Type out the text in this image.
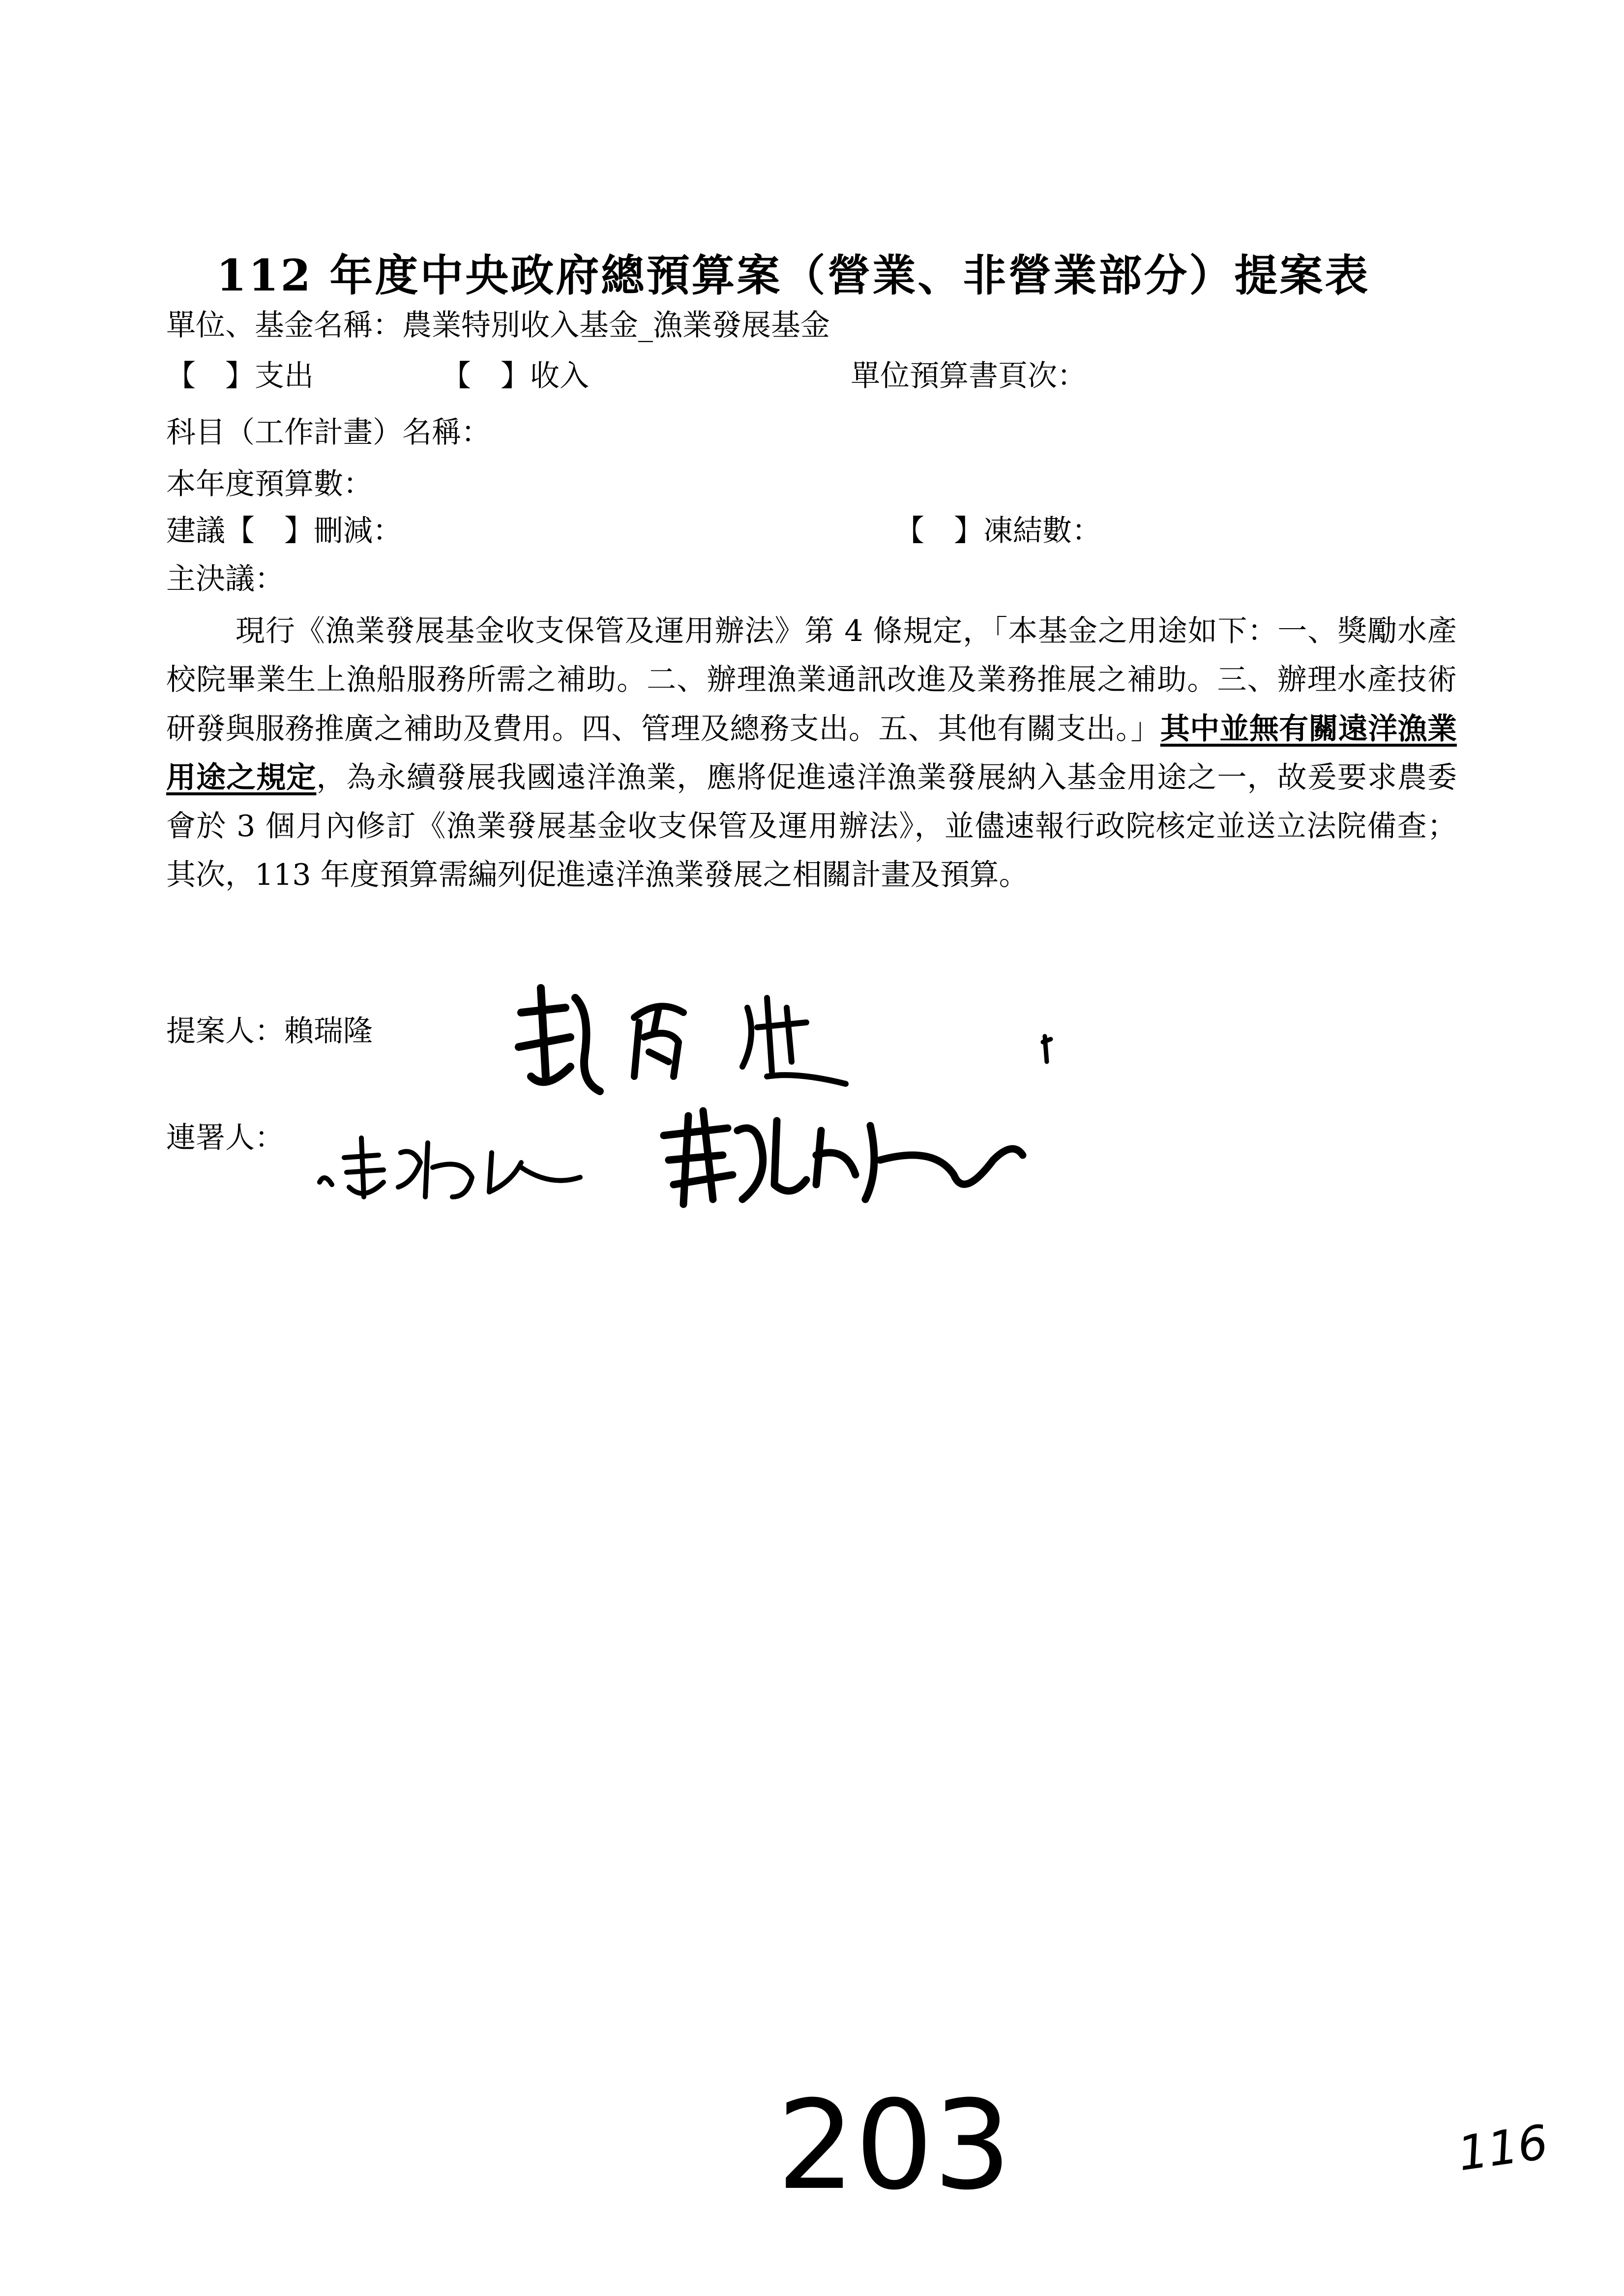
112 年度中央政府總預算案（營業、非營業部分）提案表
單位、基金名稱：農業特別收入基金_漁業發展基金
【　】支出	【　】收入	單位預算書頁次：
科目（工作計畫）名稱：
本年度預算數：
建議【　】刪減：	【　】凍結數：
主決議：
現行《漁業發展基金收支保管及運用辦法》第 4 條規定，「本基金之用途如下：一、獎勵水產校院畢業生上漁船服務所需之補助。二、辦理漁業通訊改進及業務推展之補助。三、辦理水產技術研發與服務推廣之補助及費用。四、管理及總務支出。五、其他有關支出。」其中並無有關遠洋漁業用途之規定，為永續發展我國遠洋漁業，應將促進遠洋漁業發展納入基金用途之一，故爰要求農委會於 3 個月內修訂《漁業發展基金收支保管及運用辦法》，並儘速報行政院核定並送立法院備查；其次，113 年度預算需編列促進遠洋漁業發展之相關計畫及預算。
提案人：賴瑞隆
連署人：
203	116
